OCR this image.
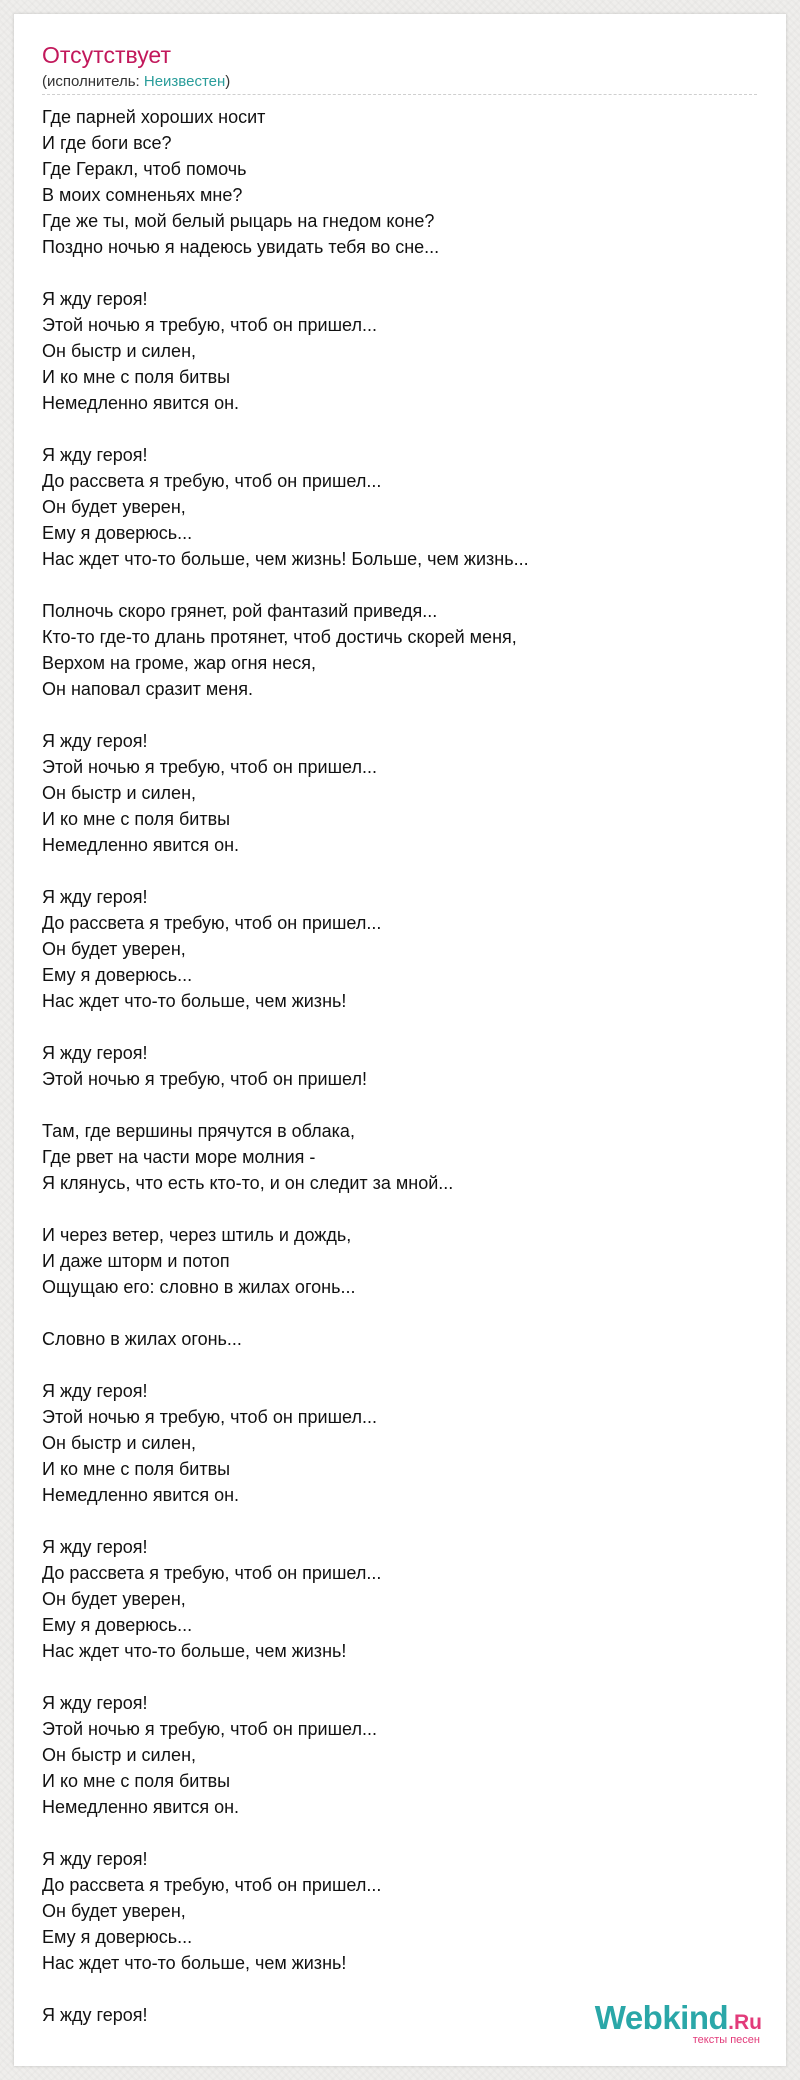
Отсутствует
(исполнитель: Неизвестен)
Где парней хороших носит
И где боги все?
Где Геракл, чтоб помочь
В моих сомненьях мне?
Где же ты, мой белый рыцарь на гнедом коне?
Поздно ночью я надеюсь увидать тебя во сне...
Я жду героя!
Этой ночью я требую, чтоб он пришел...
Он быстр и силен,
И ко мне с поля битвы
Немедленно явится он.
Я жду героя!
До рассвета я требую, чтоб он пришел...
Он будет уверен,
Ему я доверюсь...
Нас ждет что-то больше, чем жизнь! Больше, чем жизнь...
Полночь скоро грянет, рой фантазий приведя...
Кто-то где-то длань протянет, чтоб достичь скорей меня,
Верхом на громе, жар огня неся,
Он наповал сразит меня.
Я жду героя!
Этой ночью я требую, чтоб он пришел...
Он быстр и силен,
И ко мне с поля битвы
Немедленно явится он.
Я жду героя!
До рассвета я требую, чтоб он пришел...
Он будет уверен,
Ему я доверюсь...
Нас ждет что-то больше, чем жизнь!
Я жду героя!
Этой ночью я требую, чтоб он пришел!
Там, где вершины прячутся в облака,
Где рвет на части море молния -
Я клянусь, что есть кто-то, и он следит за мной...
И через ветер, через штиль и дождь,
И даже шторм и потоп
Ощущаю его: словно в жилах огонь...
Словно в жилах огонь...
Я жду героя!
Этой ночью я требую, чтоб он пришел...
Он быстр и силен,
И ко мне с поля битвы
Немедленно явится он.
Я жду героя!
До рассвета я требую, чтоб он пришел...
Он будет уверен,
Ему я доверюсь...
Нас ждет что-то больше, чем жизнь!
Я жду героя!
Этой ночью я требую, чтоб он пришел...
Он быстр и силен,
И ко мне с поля битвы
Немедленно явится он.
Я жду героя!
До рассвета я требую, чтоб он пришел...
Он будет уверен,
Ему я доверюсь...
Нас ждет что-то больше, чем жизнь!
Я жду героя!	Webkind.Ru
тексты песен
